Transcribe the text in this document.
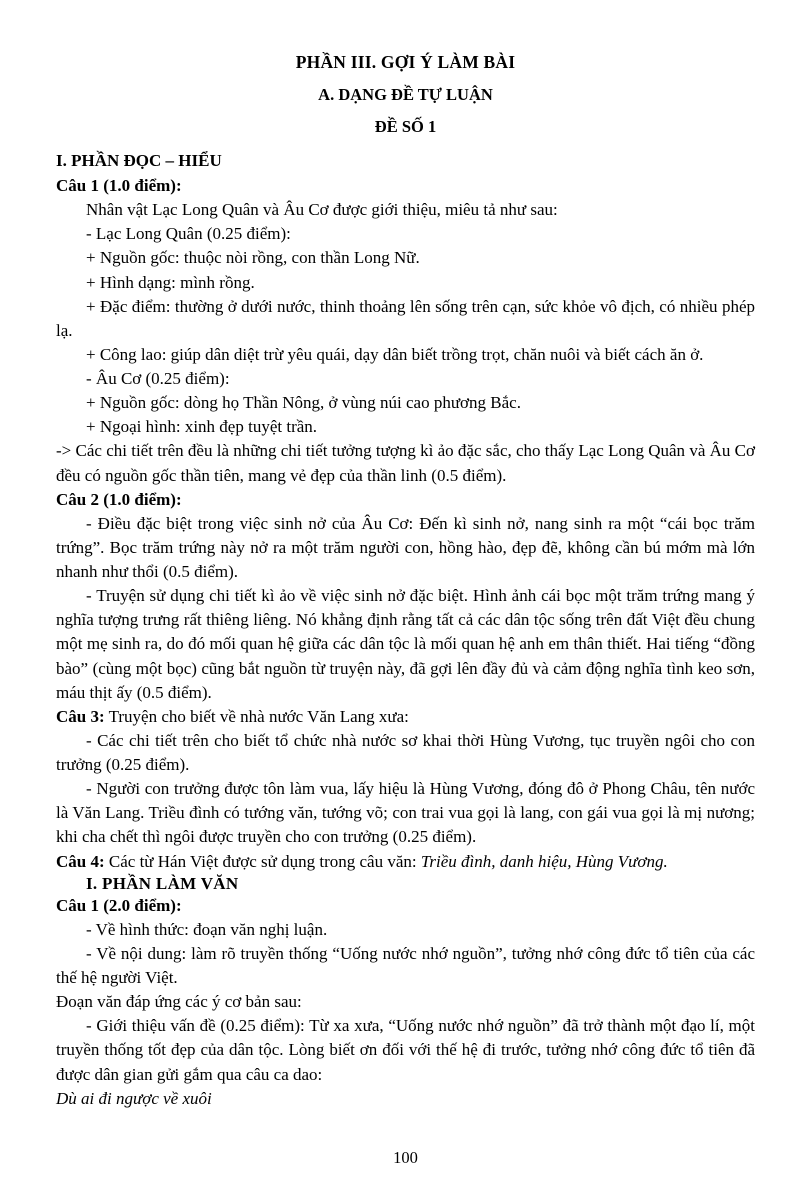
PHẦN III. GỢI Ý LÀM BÀI
A. DẠNG ĐỀ TỰ LUẬN
ĐỀ SỐ 1
I. PHẦN ĐỌC – HIỂU
Câu 1 (1.0 điểm):

Nhân vật Lạc Long Quân và Âu Cơ được giới thiệu, miêu tả như sau:

- Lạc Long Quân (0.25 điểm):

+ Nguồn gốc: thuộc nòi rồng, con thần Long Nữ.

+ Hình dạng: mình rồng.

+ Đặc điểm: thường ở dưới nước, thinh thoảng lên sống trên cạn, sức khỏe vô địch, có nhiều phép lạ.

+ Công lao: giúp dân diệt trừ yêu quái, dạy dân biết trồng trọt, chăn nuôi và biết cách ăn ở.

- Âu Cơ (0.25 điểm):

+ Nguồn gốc: dòng họ Thần Nông, ở vùng núi cao phương Bắc.

+ Ngoại hình: xinh đẹp tuyệt trần.

-> Các chi tiết trên đều là những chi tiết tưởng tượng kì ảo đặc sắc, cho thấy Lạc Long Quân và Âu Cơ đều có nguồn gốc thần tiên, mang vẻ đẹp của thần linh (0.5 điểm).

Câu 2 (1.0 điểm):

- Điều đặc biệt trong việc sinh nở của Âu Cơ: Đến kì sinh nở, nang sinh ra một “cái bọc trăm trứng”. Bọc trăm trứng này nở ra một trăm người con, hồng hào, đẹp đẽ, không cần bú mớm mà lớn nhanh như thổi (0.5 điểm).

- Truyện sử dụng chi tiết kì ảo về việc sinh nở đặc biệt. Hình ảnh cái bọc một trăm trứng mang ý nghĩa tượng trưng rất thiêng liêng. Nó khẳng định rằng tất cả các dân tộc sống trên đất Việt đều chung một mẹ sinh ra, do đó mối quan hệ giữa các dân tộc là mối quan hệ anh em thân thiết. Hai tiếng “đồng bào” (cùng một bọc) cũng bắt nguồn từ truyện này, đã gợi lên đầy đủ và cảm động nghĩa tình keo sơn, máu thịt ấy (0.5 điểm).

Câu 3: Truyện cho biết về nhà nước Văn Lang xưa:

- Các chi tiết trên cho biết tổ chức nhà nước sơ khai thời Hùng Vương, tục truyền ngôi cho con trưởng (0.25 điểm).

- Người con trưởng được tôn làm vua, lấy hiệu là Hùng Vương, đóng đô ở Phong Châu, tên nước là Văn Lang. Triều đình có tướng văn, tướng võ; con trai vua gọi là lang, con gái vua gọi là mị nương; khi cha chết thì ngôi được truyền cho con trưởng (0.25 điểm).

Câu 4: Các từ Hán Việt được sử dụng trong câu văn: Triều đình, danh hiệu, Hùng Vương.
I. PHẦN LÀM VĂN
Câu 1 (2.0 điểm):

- Về hình thức: đoạn văn nghị luận.

- Về nội dung: làm rõ truyền thống “Uống nước nhớ nguồn”, tưởng nhớ công đức tổ tiên của các thế hệ người Việt.

Đoạn văn đáp ứng các ý cơ bản sau:

- Giới thiệu vấn đề (0.25 điểm): Từ xa xưa, “Uống nước nhớ nguồn” đã trở thành một đạo lí, một truyền thống tốt đẹp của dân tộc. Lòng biết ơn đối với thế hệ đi trước, tưởng nhớ công đức tổ tiên đã được dân gian gửi gắm qua câu ca dao:

Dù ai đi ngược về xuôi

100
